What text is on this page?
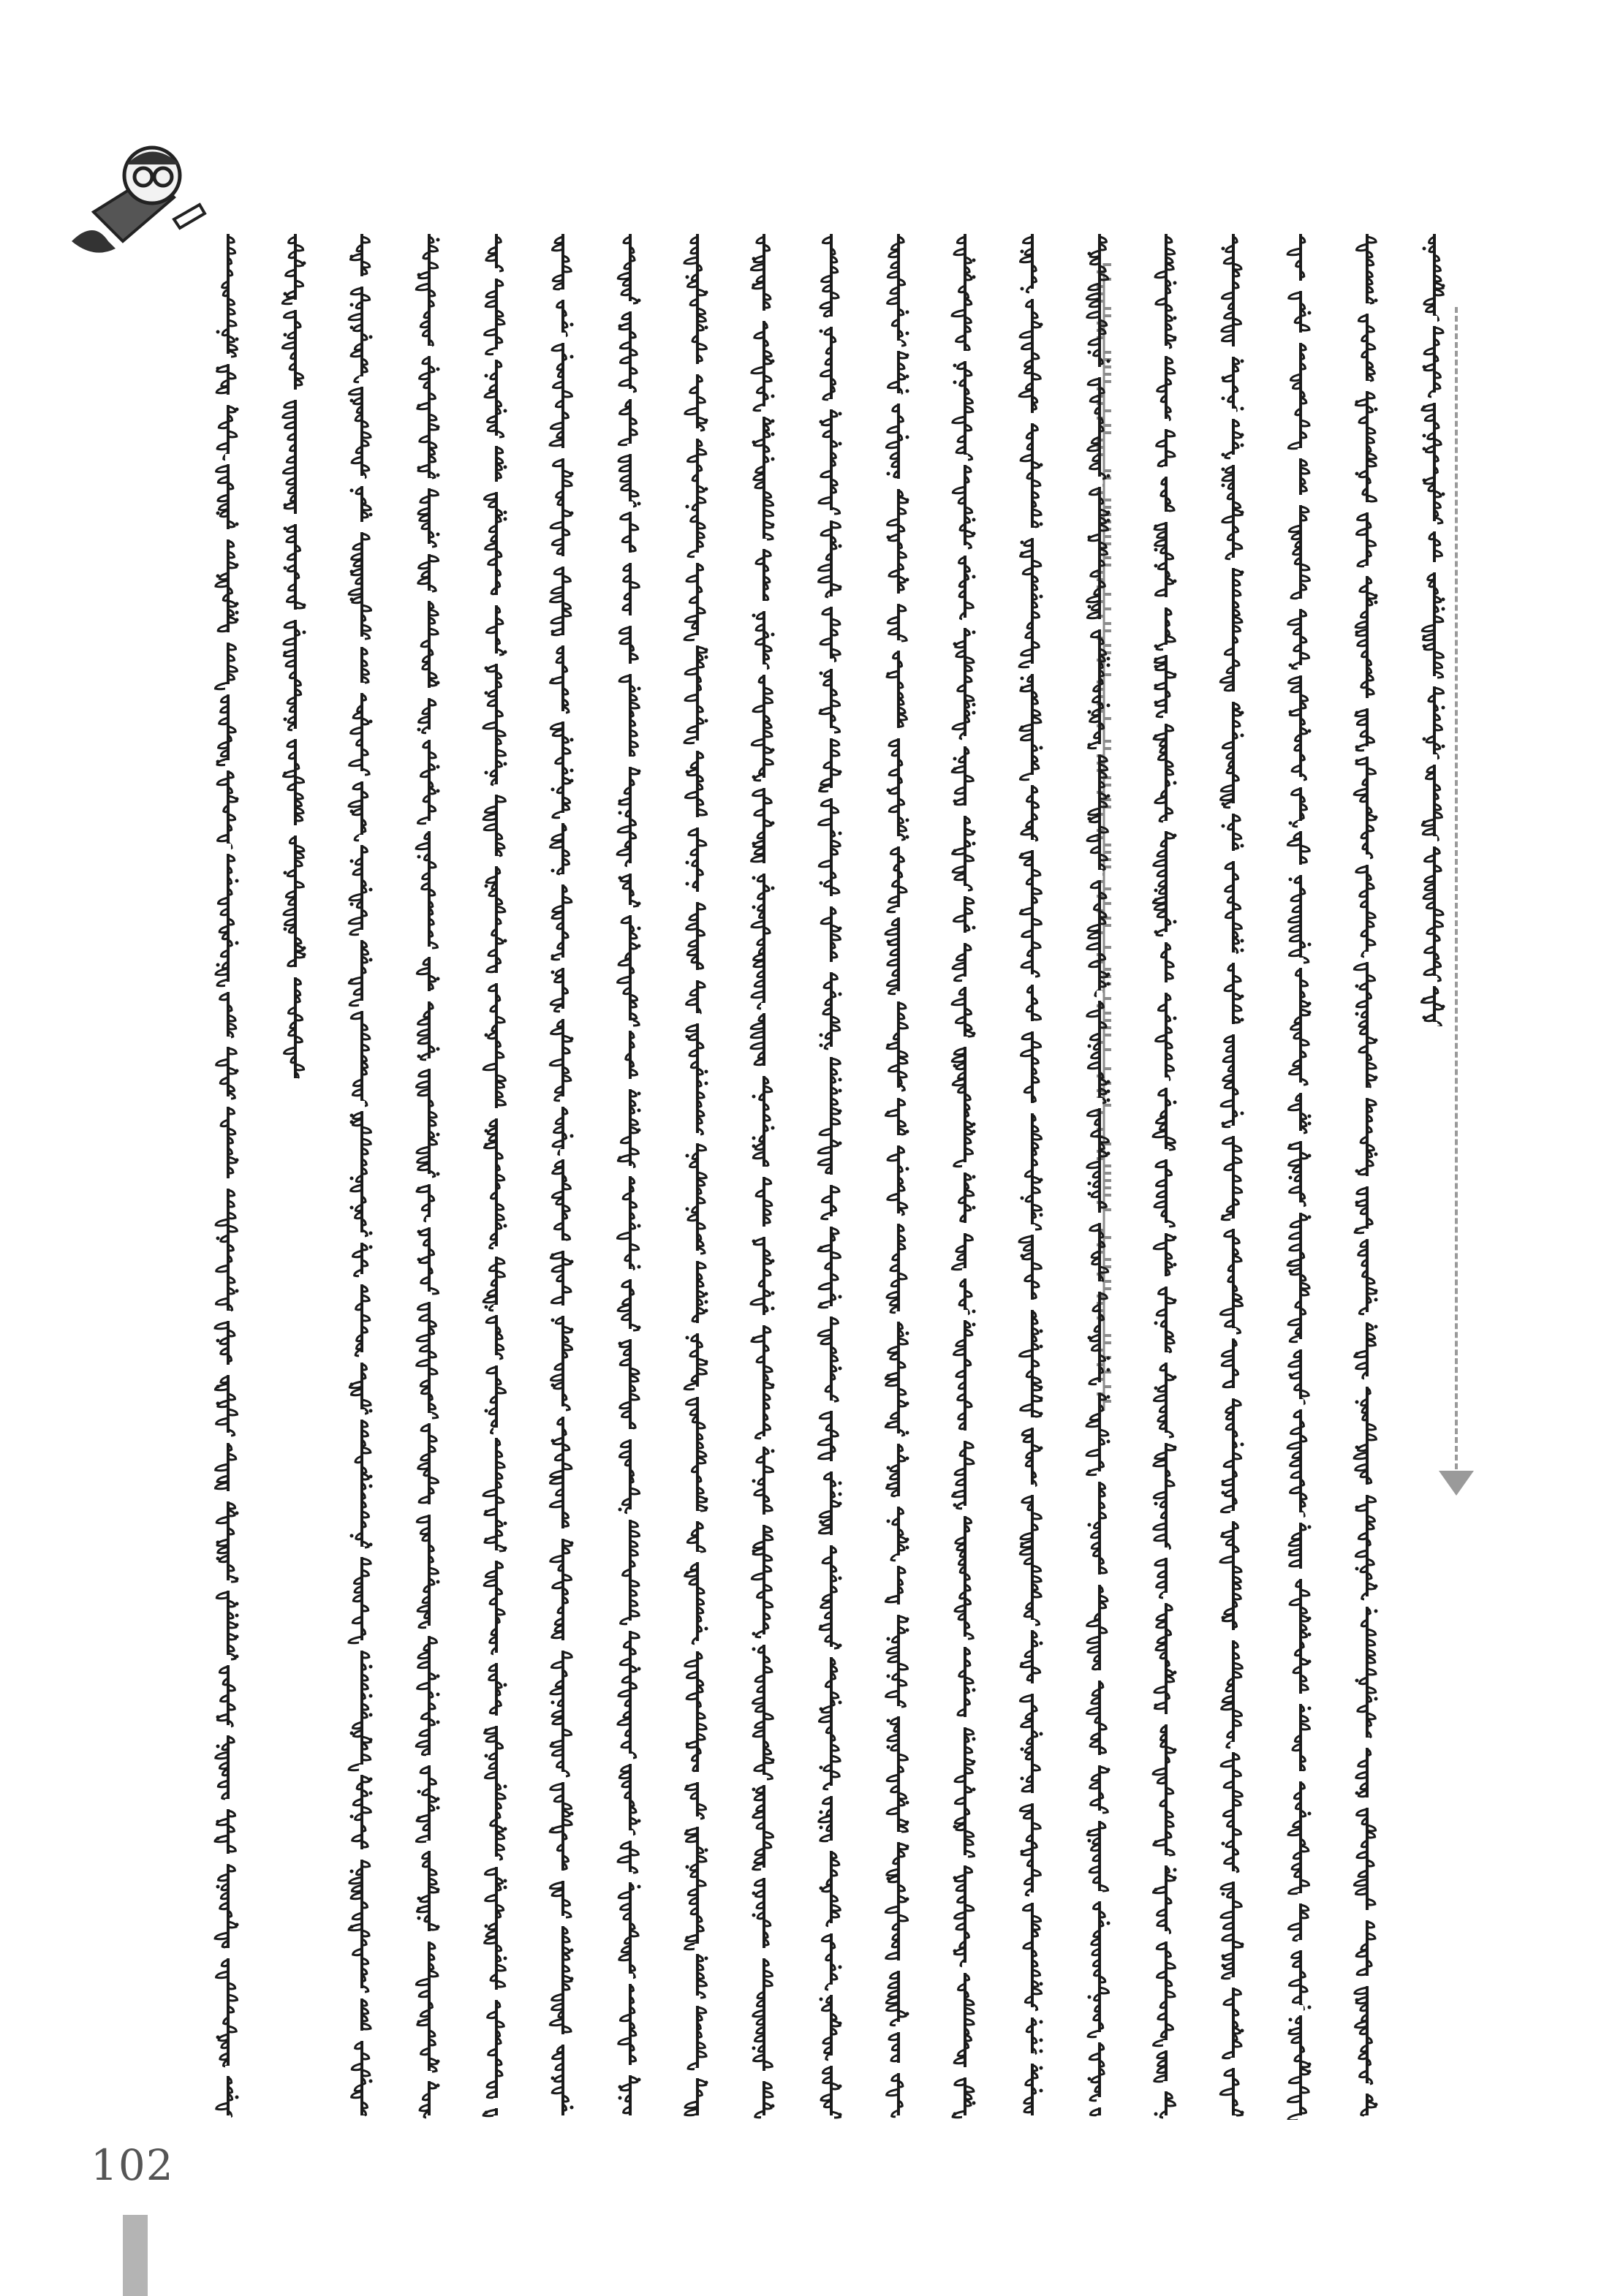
102
